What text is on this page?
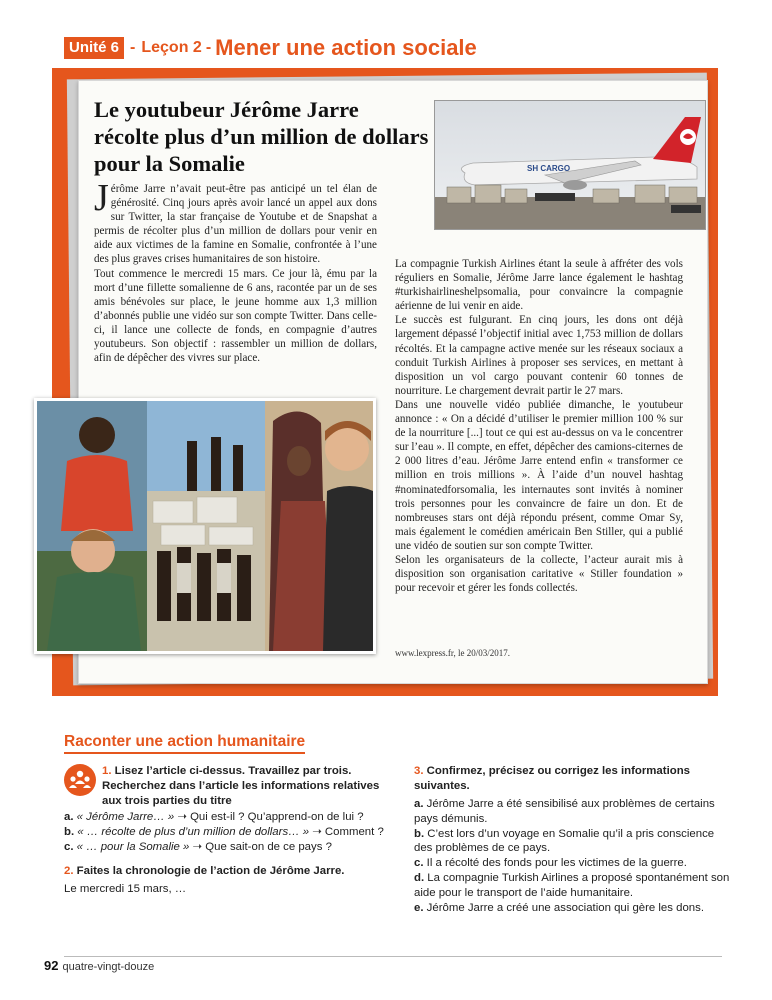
Unité 6 - Leçon 2 - Mener une action sociale
Le youtubeur Jérôme Jarre récolte plus d’un million de dollars pour la Somalie	SH CARGO

Jérôme Jarre n’avait peut-être pas anticipé un tel élan de générosité. Cinq jours après avoir lancé un appel aux dons sur Twitter, la star française de Youtube et de Snapshat a permis de récolter plus d’un million de dollars pour venir en aide aux victimes de la famine en Somalie, confrontée à l’une des plus graves crises humanitaires de son histoire.

Tout commence le mercredi 15 mars. Ce jour là, ému par la mort d’une fillette somalienne de 6 ans, racontée par un de ses amis bénévoles sur place, le jeune homme aux 1,3 million d’abonnés publie une vidéo sur son compte Twitter. Dans celle-ci, il lance une collecte de fonds, en compagnie d’autres youtubeurs. Son objectif : rassembler un million de dollars, afin de dépêcher des vivres sur place.

La compagnie Turkish Airlines étant la seule à affréter des vols réguliers en Somalie, Jérôme Jarre lance également le hashtag #turkishairlineshelpsomalia, pour convaincre la compagnie aérienne de lui venir en aide.

Le succès est fulgurant. En cinq jours, les dons ont déjà largement dépassé l’objectif initial avec 1,753 million de dollars récoltés. Et la campagne active menée sur les réseaux sociaux a conduit Turkish Airlines à proposer ses services, en mettant à disposition un vol cargo pouvant contenir 60 tonnes de nourriture. Le chargement devrait partir le 27 mars.

Dans une nouvelle vidéo publiée dimanche, le youtubeur annonce : « On a décidé d’utiliser le premier million 100 % sur de la nourriture [...] tout ce qui est au-dessus on va le concentrer sur l’eau ». Il compte, en effet, dépêcher des camions-citernes de 2 000 litres d’eau. Jérôme Jarre entend enfin « transformer ce million en trois millions ». À l’aide d’un nouvel hashtag #nominatedforsomalia, les internautes sont invités à nominer trois personnes pour les convaincre de faire un don. Et de nombreuses stars ont déjà répondu présent, comme Omar Sy, mais également le comédien américain Ben Stiller, qui a publié une vidéo de soutien sur son compte Twitter.

Selon les organisateurs de la collecte, l’acteur aurait mis à disposition son organisation caritative « Stiller foundation » pour recevoir et gérer les fonds collectés.

www.lexpress.fr, le 20/03/2017.
Raconter une action humanitaire
1. Lisez l’article ci-dessus. Travaillez par trois. Recherchez dans l’article les informations relatives aux trois parties du titre
a. « Jérôme Jarre… » ➝ Qui est-il ? Qu’apprend-on de lui ?
b. « … récolte de plus d’un million de dollars… » ➝ Comment ?
c. « … pour la Somalie » ➝ Que sait-on de ce pays ?
2. Faites la chronologie de l’action de Jérôme Jarre.
Le mercredi 15 mars, …
3. Confirmez, précisez ou corrigez les informations suivantes.
a. Jérôme Jarre a été sensibilisé aux problèmes de certains pays démunis.
b. C’est lors d’un voyage en Somalie qu’il a pris conscience des problèmes de ce pays.
c. Il a récolté des fonds pour les victimes de la guerre.
d. La compagnie Turkish Airlines a proposé spontanément son aide pour le transport de l’aide humanitaire.
e. Jérôme Jarre a créé une association qui gère les dons.
92 quatre-vingt-douze
